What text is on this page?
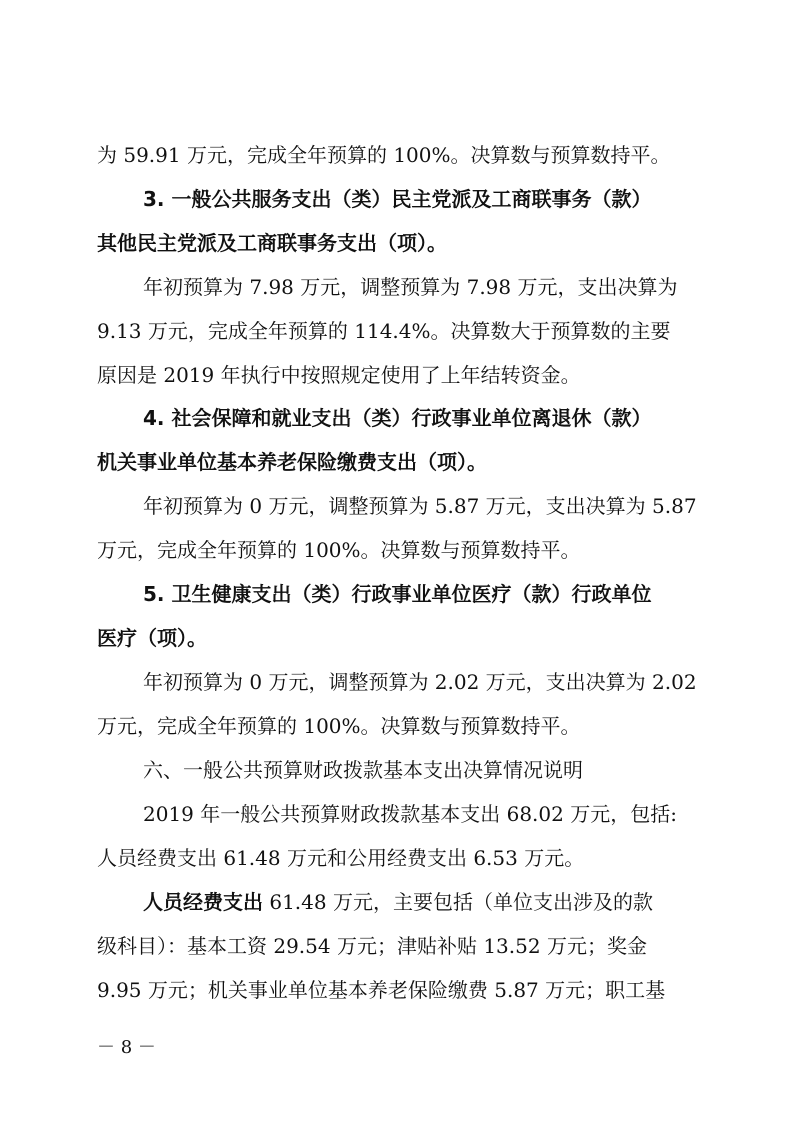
为 59.91 万元，完成全年预算的 100%。决算数与预算数持平。
3. 一般公共服务支出（类）民主党派及工商联事务（款）
其他民主党派及工商联事务支出（项）。
年初预算为 7.98 万元，调整预算为 7.98 万元，支出决算为
9.13 万元，完成全年预算的 114.4%。决算数大于预算数的主要
原因是 2019 年执行中按照规定使用了上年结转资金。
4. 社会保障和就业支出（类）行政事业单位离退休（款）
机关事业单位基本养老保险缴费支出（项）。
年初预算为 0 万元，调整预算为 5.87 万元，支出决算为 5.87
万元，完成全年预算的 100%。决算数与预算数持平。
5. 卫生健康支出（类）行政事业单位医疗（款）行政单位
医疗（项）。
年初预算为 0 万元，调整预算为 2.02 万元，支出决算为 2.02
万元，完成全年预算的 100%。决算数与预算数持平。
六、一般公共预算财政拨款基本支出决算情况说明
2019 年一般公共预算财政拨款基本支出 68.02 万元，包括:
人员经费支出 61.48 万元和公用经费支出 6.53 万元。
人员经费支出 61.48 万元，主要包括（单位支出涉及的款
级科目）：基本工资 29.54 万元；津贴补贴 13.52 万元；奖金
9.95 万元；机关事业单位基本养老保险缴费 5.87 万元；职工基
－ 8 －
